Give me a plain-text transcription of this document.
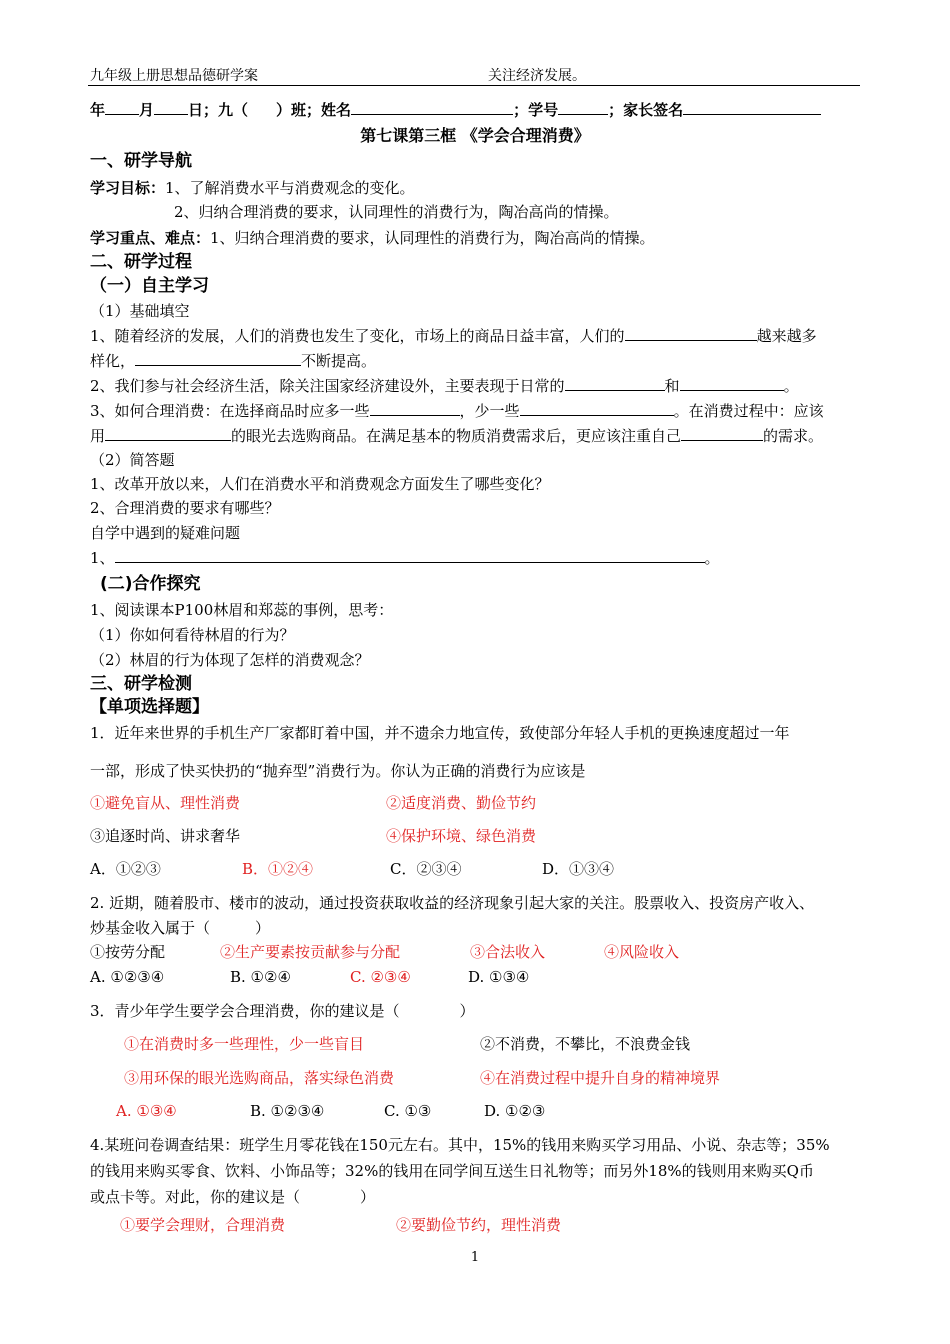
九年级上册思想品德研学案	关注经济发展。
年 月 日；九（ ）班；姓名	；学号	；家长签名
第七课第三框 《学会合理消费》
一、研学导航
学习目标：1、了解消费水平与消费观念的变化。
2、归纳合理消费的要求，认同理性的消费行为，陶冶高尚的情操。
学习重点、难点：1、归纳合理消费的要求，认同理性的消费行为，陶冶高尚的情操。
二、研学过程
（一）自主学习
（1）基础填空
1、随着经济的发展，人们的消费也发生了变化，市场上的商品日益丰富，人们的	越来越多
样化，	不断提高。
2、我们参与社会经济生活，除关注国家经济建设外，主要表现于日常的	和	。
3、如何合理消费：在选择商品时应多一些	，少一些	。在消费过程中：应该
用	的眼光去选购商品。在满足基本的物质消费需求后，更应该注重自己	的需求。
（2）简答题
1、改革开放以来，人们在消费水平和消费观念方面发生了哪些变化？
2、合理消费的要求有哪些？
自学中遇到的疑难问题
1、	。
(二)合作探究
1、阅读课本P100林眉和郑蕊的事例，思考：
（1）你如何看待林眉的行为？
（2）林眉的行为体现了怎样的消费观念？
三、研学检测
【单项选择题】
1．近年来世界的手机生产厂家都盯着中国，并不遗余力地宣传，致使部分年轻人手机的更换速度超过一年
一部，形成了快买快扔的“抛弃型”消费行为。你认为正确的消费行为应该是
①避免盲从、理性消费	②适度消费、勤俭节约
③追逐时尚、讲求奢华	④保护环境、绿色消费
A．①②③	B．①②④	C．②③④	D．①③④
2. 近期，随着股市、楼市的波动，通过投资获取收益的经济现象引起大家的关注。股票收入、投资房产收入、
炒基金收入属于（　　　）
①按劳分配	②生产要素按贡献参与分配	③合法收入	④风险收入
A. ①②③④	B. ①②④	C. ②③④	D. ①③④
3．青少年学生要学会合理消费，你的建议是（　　　　）
①在消费时多一些理性，少一些盲目	②不消费，不攀比，不浪费金钱
③用环保的眼光选购商品，落实绿色消费	④在消费过程中提升自身的精神境界
A. ①③④	B. ①②③④	C. ①③	D. ①②③
4.某班问卷调查结果：班学生月零花钱在150元左右。其中，15%的钱用来购买学习用品、小说、杂志等；35%
的钱用来购买零食、饮料、小饰品等；32%的钱用在同学间互送生日礼物等；而另外18%的钱则用来购买Q币
或点卡等。对此，你的建议是（　　　　）
①要学会理财，合理消费	②要勤俭节约，理性消费
1
